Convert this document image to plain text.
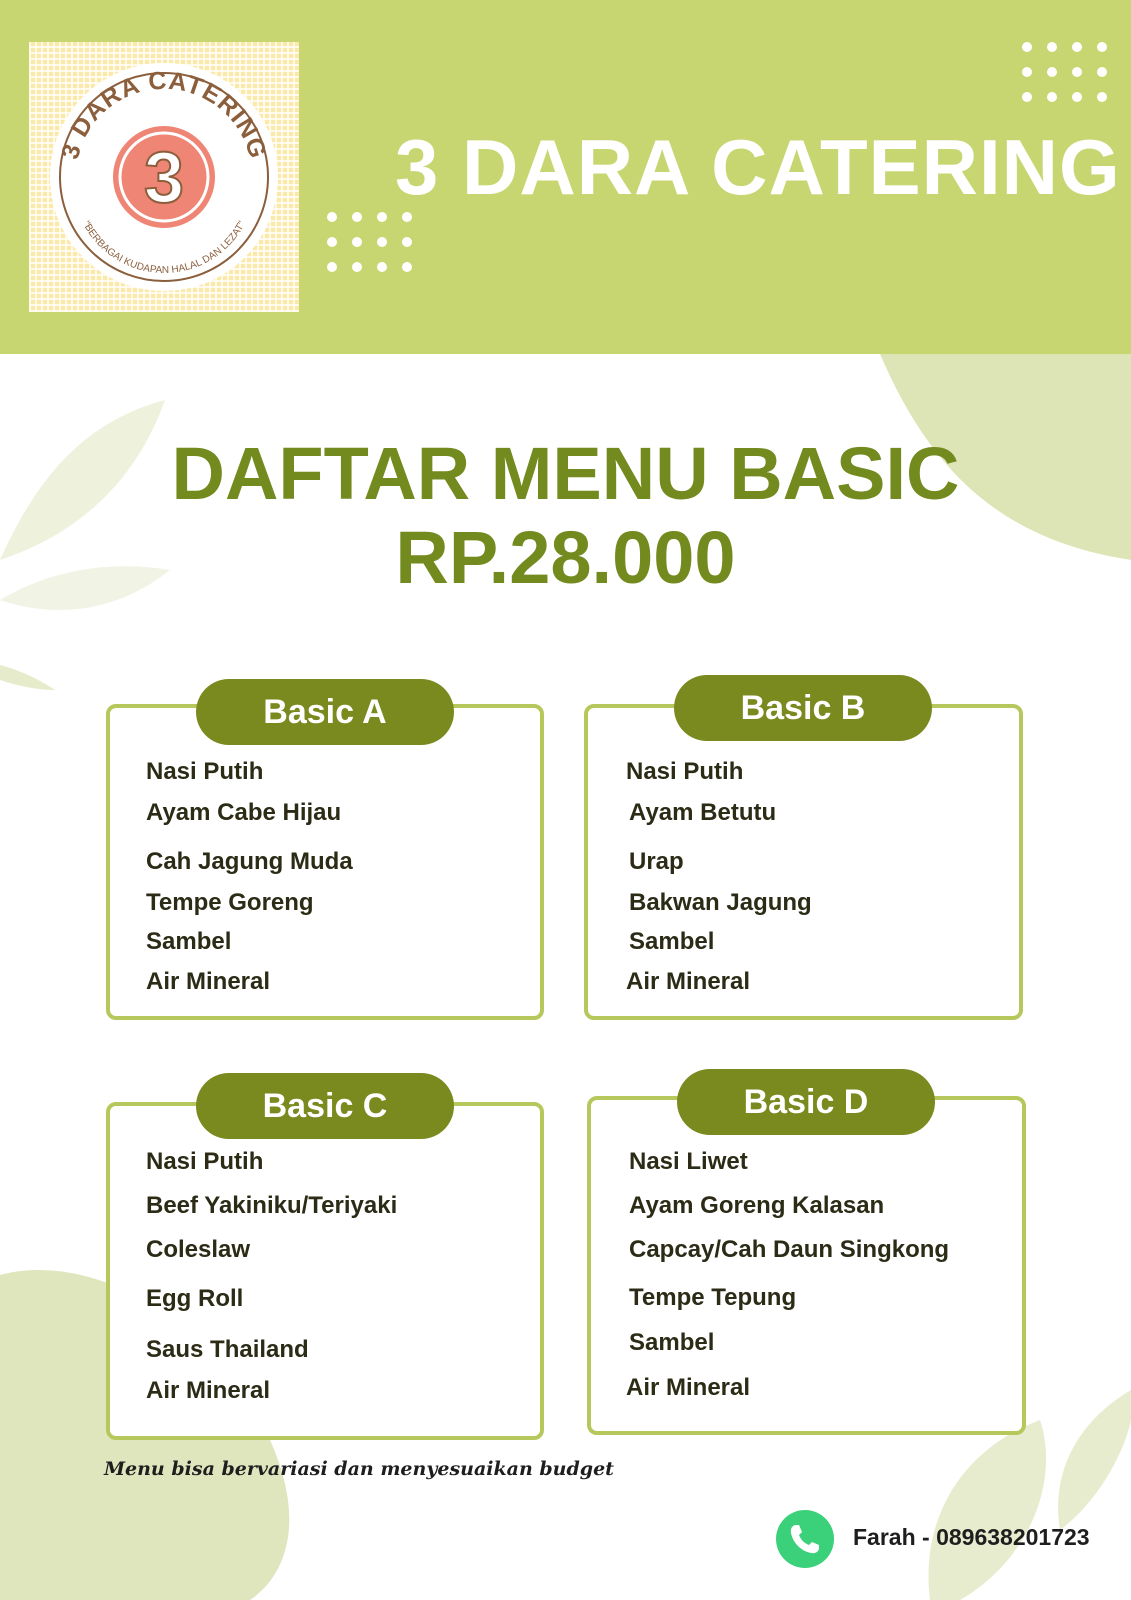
3 DARA CATERING
"BERBAGAI KUDAPAN HALAL DAN LEZAT"
3	3 DARA CATERING
DAFTAR MENU BASIC
RP.28.000
Basic A
Nasi Putih
Ayam Cabe Hijau
Cah Jagung Muda
Tempe Goreng
Sambel
Air Mineral
Basic B
Nasi Putih
Ayam Betutu
Urap
Bakwan Jagung
Sambel
Air Mineral
Basic C
Nasi Putih
Beef Yakiniku/Teriyaki
Coleslaw
Egg Roll
Saus Thailand
Air Mineral
Basic D
Nasi Liwet
Ayam Goreng Kalasan
Capcay/Cah Daun Singkong
Tempe Tepung
Sambel
Air Mineral
Menu bisa bervariasi dan menyesuaikan budget
Farah - 089638201723
